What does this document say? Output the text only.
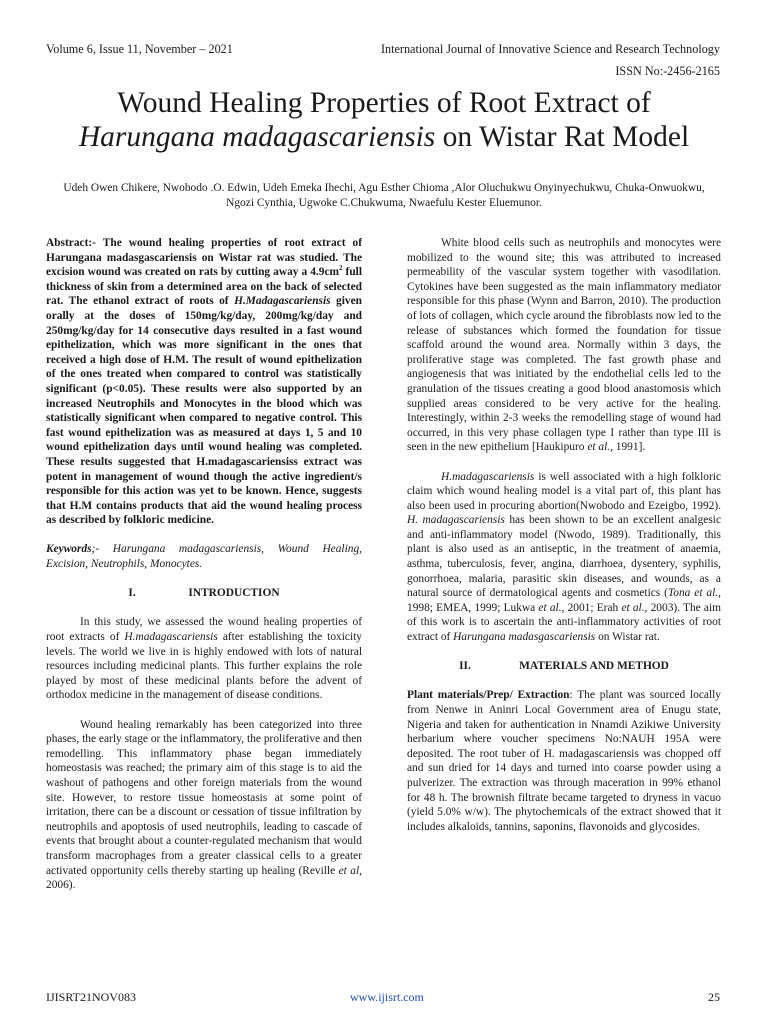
Volume 6, Issue 11, November – 2021	International Journal of Innovative Science and Research Technology
ISSN No:-2456-2165
Wound Healing Properties of Root Extract of
Harungana madagascariensis on Wistar Rat Model
Udeh Owen Chikere, Nwobodo .O. Edwin, Udeh Emeka Ihechi, Agu Esther Chioma ,Alor Oluchukwu Onyinyechukwu, Chuka-Onwuokwu, Ngozi Cynthia, Ugwoke C.Chukwuma, Nwaefulu Kester Eluemunor.

Abstract:- The wound healing properties of root extract of Harungana madasgascariensis on Wistar rat was studied. The excision wound was created on rats by cutting away a $4.9cm^2$ full thickness of skin from a determined area on the back of selected rat. The ethanol extract of roots of H.Madagascariensis given orally at the doses of 150mg/kg/day, 200mg/kg/day and 250mg/kg/day for 14 consecutive days resulted in a fast wound epithelization, which was more significant in the ones that received a high dose of H.M. The result of wound epithelization of the ones treated when compared to control was statistically significant (p<0.05). These results were also supported by an increased Neutrophils and Monocytes in the blood which was statistically significant when compared to negative control. This fast wound epithelization was as measured at days 1, 5 and 10 wound epithelization days until wound healing was completed. These results suggested that H.madagascariensiss extract was potent in management of wound though the active ingredient/s responsible for this action was yet to be known. Hence, suggests that H.M contains products that aid the wound healing process as described by folkloric medicine.

Keywords;- Harungana madagascariensis, Wound Healing, Excision, Neutrophils, Monocytes.

I.	INTRODUCTION

In this study, we assessed the wound healing properties of root extracts of H.madagascariensis after establishing the toxicity levels. The world we live in is highly endowed with lots of natural resources including medicinal plants. This further explains the role played by most of these medicinal plants before the advent of orthodox medicine in the management of disease conditions.

Wound healing remarkably has been categorized into three phases, the early stage or the inflammatory, the proliferative and then remodelling. This inflammatory phase began immediately homeostasis was reached; the primary aim of this stage is to aid the washout of pathogens and other foreign materials from the wound site. However, to restore tissue homeostasis at some point of irritation, there can be a discount or cessation of tissue infiltration by neutrophils and apoptosis of used neutrophils, leading to cascade of events that brought about a counter-regulated mechanism that would transform macrophages from a greater classical cells to a greater activated opportunity cells thereby starting up healing (Reville et al, 2006).

White blood cells such as neutrophils and monocytes were mobilized to the wound site; this was attributed to increased permeability of the vascular system together with vasodilation. Cytokines have been suggested as the main inflammatory mediator responsible for this phase (Wynn and Barron, 2010). The production of lots of collagen, which cycle around the fibroblasts now led to the release of substances which formed the foundation for tissue scaffold around the wound area. Normally within 3 days, the proliferative stage was completed. The fast growth phase and angiogenesis that was initiated by the endothelial cells led to the granulation of the tissues creating a good blood anastomosis which supplied areas considered to be very active for the healing. Interestingly, within 2-3 weeks the remodelling stage of wound had occurred, in this very phase collagen type I rather than type III is seen in the new epithelium [Haukipuro et al., 1991].

H.madagascariensis is well associated with a high folkloric claim which wound healing model is a vital part of, this plant has also been used in procuring abortion(Nwobodo and Ezeigbo, 1992). H. madagascariensis has been shown to be an excellent analgesic and anti-inflammatory model (Nwodo, 1989). Traditionally, this plant is also used as an antiseptic, in the treatment of anaemia, asthma, tuberculosis, fever, angina, diarrhoea, dysentery, syphilis, gonorrhoea, malaria, parasitic skin diseases, and wounds, as a natural source of dermatological agents and cosmetics (Tona et al., 1998; EMEA, 1999; Lukwa et al., 2001; Erah et al., 2003). The aim of this work is to ascertain the anti-inflammatory activities of root extract of Harungana madasgascariensis on Wistar rat.

II.	MATERIALS AND METHOD

Plant materials/Prep/ Extraction: The plant was sourced locally from Nenwe in Aninri Local Government area of Enugu state, Nigeria and taken for authentication in Nnamdi Azikiwe University herbarium where voucher specimens No:NAUH 195A were deposited. The root tuber of H. madagascariensis was chopped off and sun dried for 14 days and turned into coarse powder using a pulverizer. The extraction was through maceration in 99% ethanol for 48 h. The brownish filtrate became targeted to dryness in vacuo (yield 5.0% w/w). The phytochemicals of the extract showed that it includes alkaloids, tannins, saponins, flavonoids and glycosides.

IJISRT21NOV083	www.ijisrt.com	25
